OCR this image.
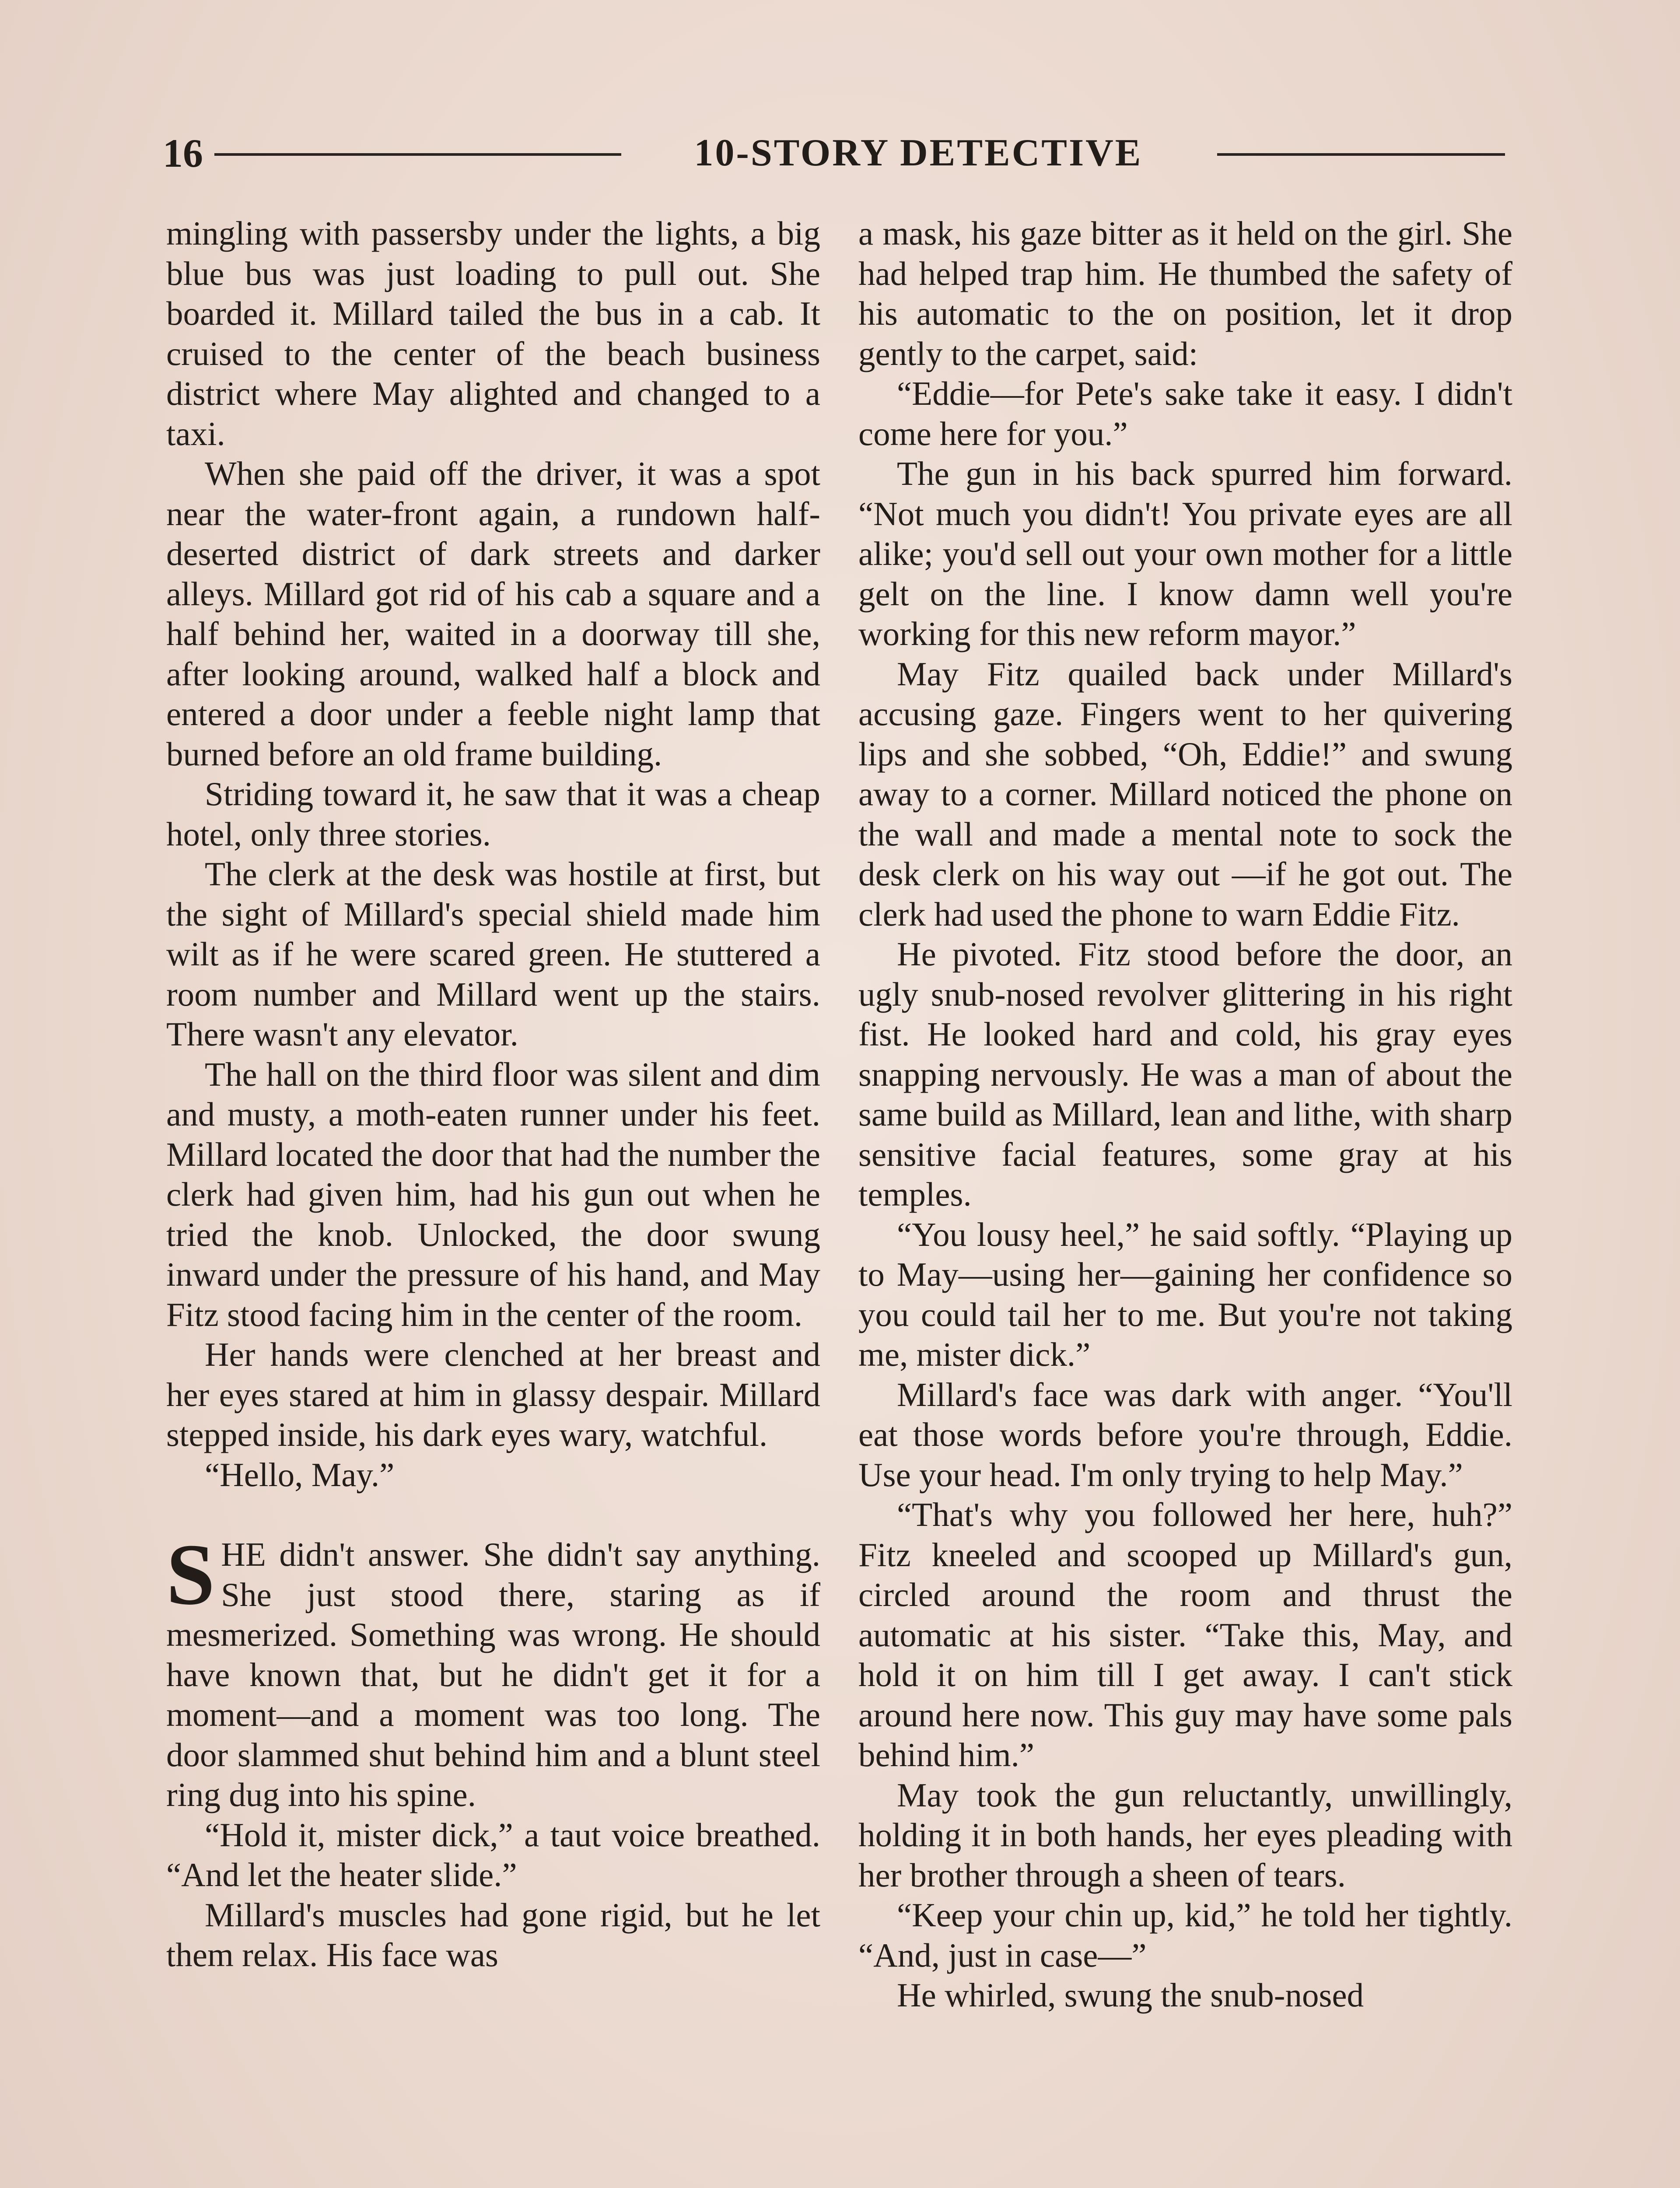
16	10-STORY DETECTIVE

mingling with passersby under the lights, a big blue bus was just loading to pull out. She boarded it. Millard tailed the bus in a cab. It cruised to the center of the beach business district where May alighted and changed to a taxi.

When she paid off the driver, it was a spot near the water-front again, a rundown half-deserted district of dark streets and darker alleys. Millard got rid of his cab a square and a half behind her, waited in a doorway till she, after looking around, walked half a block and entered a door under a feeble night lamp that burned before an old frame building.

Striding toward it, he saw that it was a cheap hotel, only three stories.

The clerk at the desk was hostile at first, but the sight of Millard's special shield made him wilt as if he were scared green. He stuttered a room number and Millard went up the stairs. There wasn't any elevator.

The hall on the third floor was silent and dim and musty, a moth-eaten runner under his feet. Millard located the door that had the number the clerk had given him, had his gun out when he tried the knob. Unlocked, the door swung inward under the pressure of his hand, and May Fitz stood facing him in the center of the room.

Her hands were clenched at her breast and her eyes stared at him in glassy despair. Millard stepped inside, his dark eyes wary, watchful.

“Hello, May.”

SHE didn't answer. She didn't say anything. She just stood there, staring as if mesmerized. Something was wrong. He should have known that, but he didn't get it for a moment—and a moment was too long. The door slammed shut behind him and a blunt steel ring dug into his spine.

“Hold it, mister dick,” a taut voice breathed. “And let the heater slide.”

Millard's muscles had gone rigid, but he let them relax. His face was

a mask, his gaze bitter as it held on the girl. She had helped trap him. He thumbed the safety of his automatic to the on position, let it drop gently to the carpet, said:

“Eddie—for Pete's sake take it easy. I didn't come here for you.”

The gun in his back spurred him forward. “Not much you didn't! You private eyes are all alike; you'd sell out your own mother for a little gelt on the line. I know damn well you're working for this new reform mayor.”

May Fitz quailed back under Millard's accusing gaze. Fingers went to her quivering lips and she sobbed, “Oh, Eddie!” and swung away to a corner. Millard noticed the phone on the wall and made a mental note to sock the desk clerk on his way out —if he got out. The clerk had used the phone to warn Eddie Fitz.

He pivoted. Fitz stood before the door, an ugly snub-nosed revolver glittering in his right fist. He looked hard and cold, his gray eyes snapping nervously. He was a man of about the same build as Millard, lean and lithe, with sharp sensitive facial features, some gray at his temples.

“You lousy heel,” he said softly. “Playing up to May—using her—gaining her confidence so you could tail her to me. But you're not taking me, mister dick.”

Millard's face was dark with anger. “You'll eat those words before you're through, Eddie. Use your head. I'm only trying to help May.”

“That's why you followed her here, huh?” Fitz kneeled and scooped up Millard's gun, circled around the room and thrust the automatic at his sister. “Take this, May, and hold it on him till I get away. I can't stick around here now. This guy may have some pals behind him.”

May took the gun reluctantly, unwillingly, holding it in both hands, her eyes pleading with her brother through a sheen of tears.

“Keep your chin up, kid,” he told her tightly. “And, just in case—”

He whirled, swung the snub-nosed
